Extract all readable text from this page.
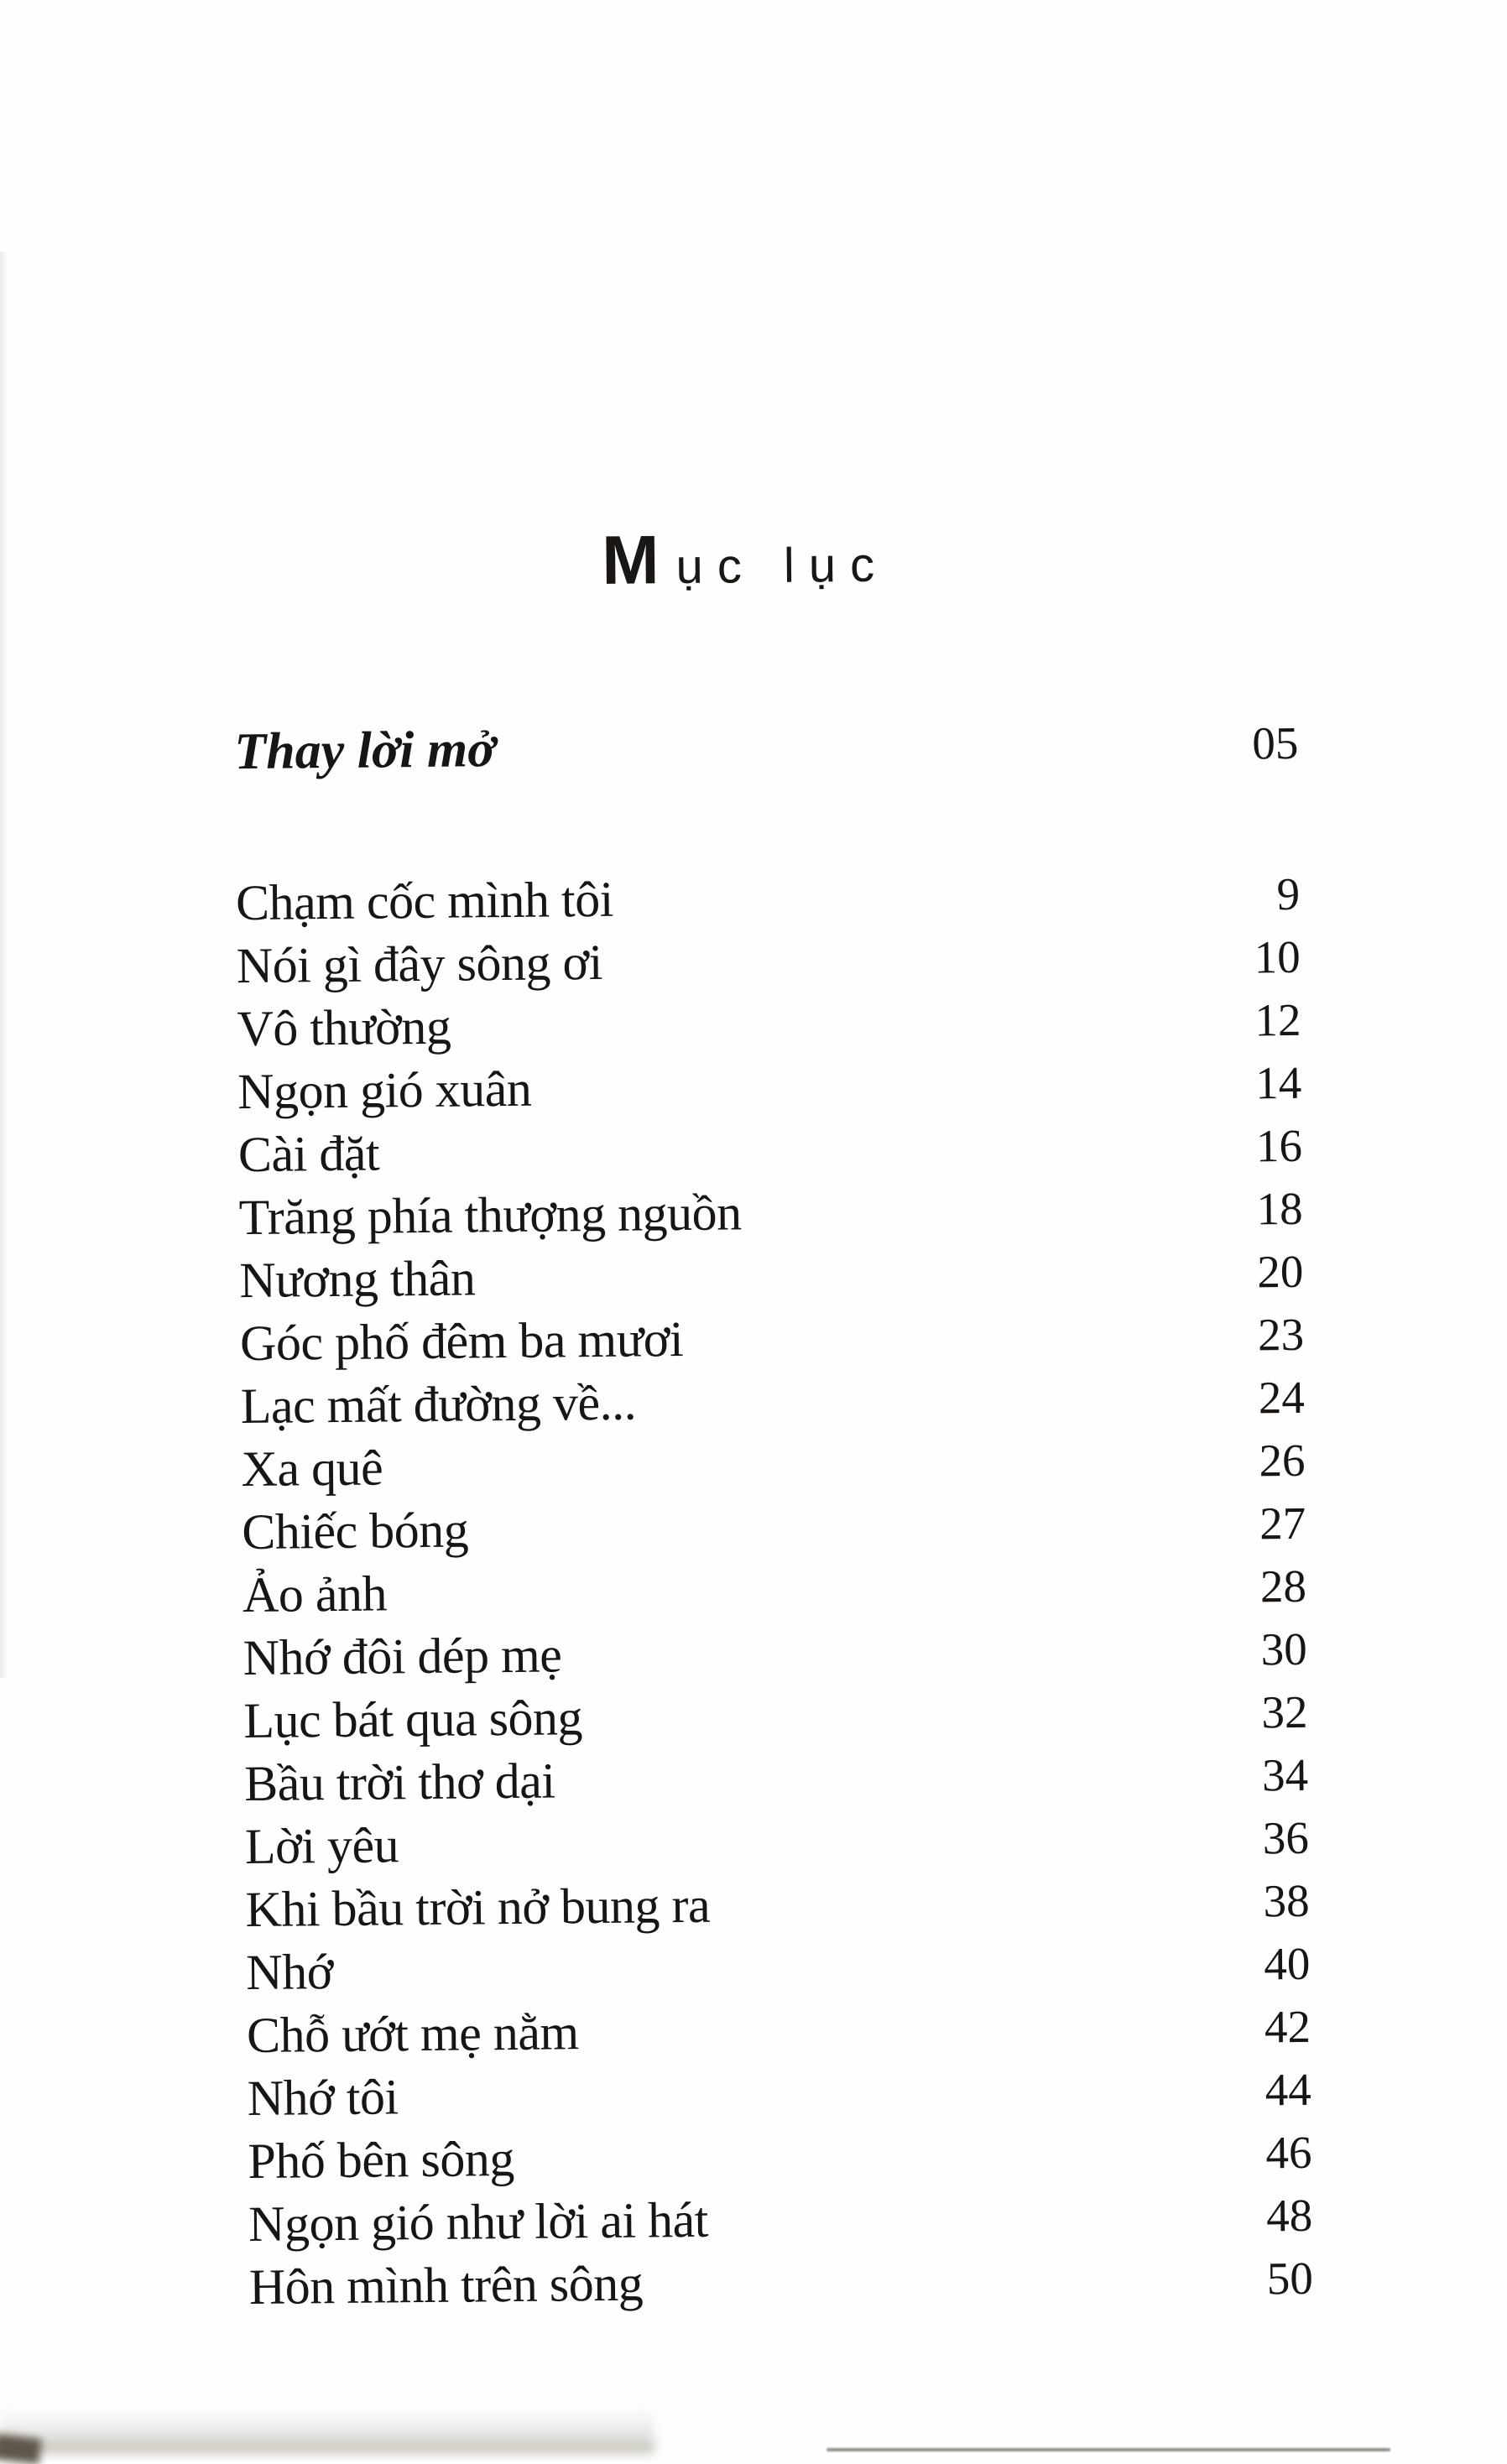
Mục lục
Thay lời mở	05
Chạm cốc mình tôi	9
Nói gì đây sông ơi	10
Vô thường	12
Ngọn gió xuân	14
Cài đặt	16
Trăng phía thượng nguồn	18
Nương thân	20
Góc phố đêm ba mươi	23
Lạc mất đường về...	24
Xa quê	26
Chiếc bóng	27
Ảo ảnh	28
Nhớ đôi dép mẹ	30
Lục bát qua sông	32
Bầu trời thơ dại	34
Lời yêu	36
Khi bầu trời nở bung ra	38
Nhớ	40
Chỗ ướt mẹ nằm	42
Nhớ tôi	44
Phố bên sông	46
Ngọn gió như lời ai hát	48
Hôn mình trên sông	50
